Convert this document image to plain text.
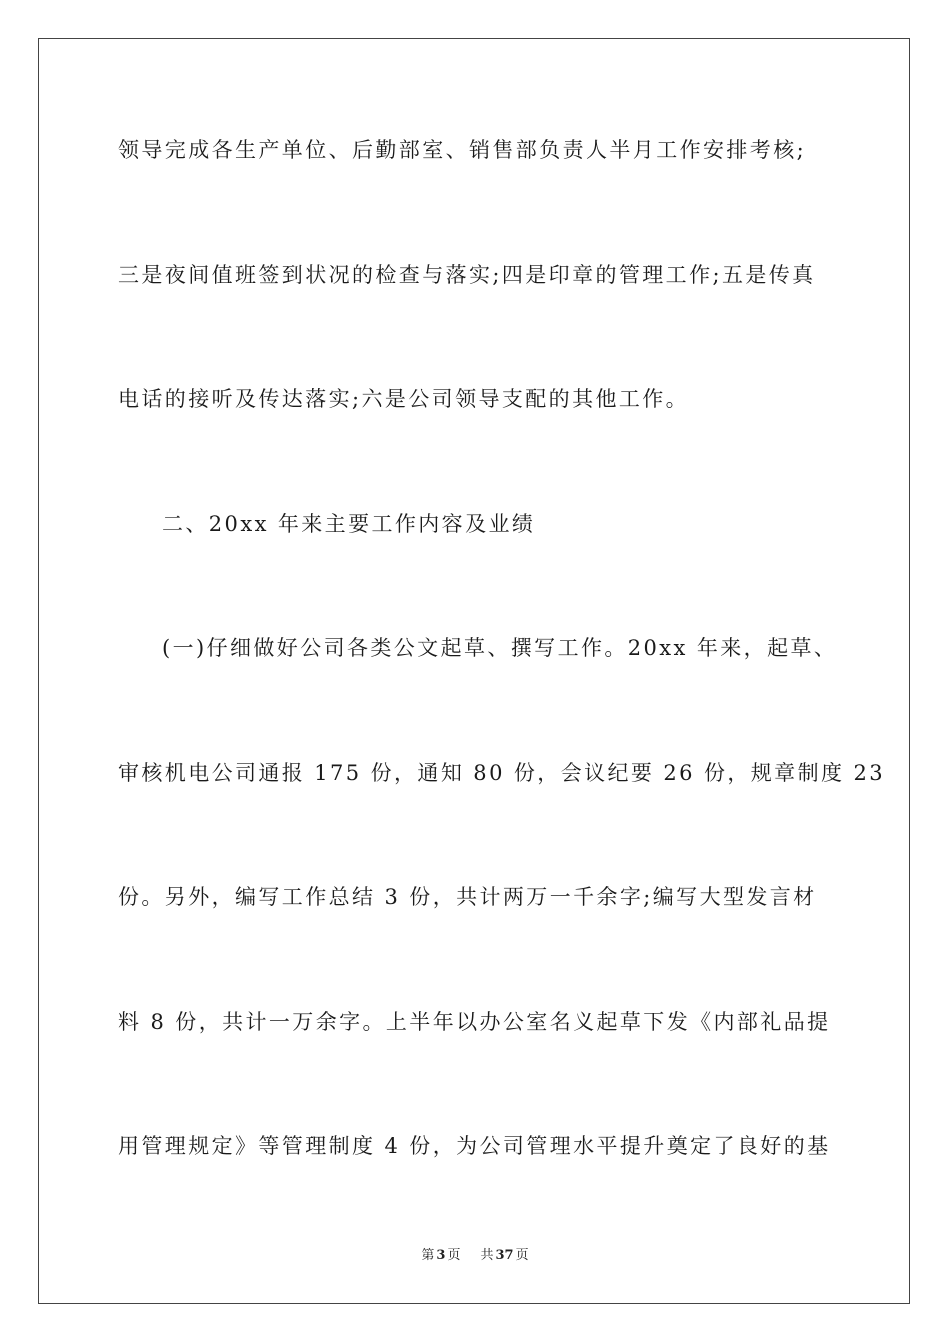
领导完成各生产单位、后勤部室、销售部负责人半月工作安排考核;
三是夜间值班签到状况的检查与落实;四是印章的管理工作;五是传真
电话的接听及传达落实;六是公司领导支配的其他工作。
二、20xx 年来主要工作内容及业绩
(一)仔细做好公司各类公文起草、撰写工作。20xx 年来，起草、
审核机电公司通报 175 份，通知 80 份，会议纪要 26 份，规章制度 23
份。另外，编写工作总结 3 份，共计两万一千余字;编写大型发言材
料 8 份，共计一万余字。上半年以办公室名义起草下发《内部礼品提
用管理规定》等管理制度 4 份，为公司管理水平提升奠定了良好的基
第 3 页 共 37 页
